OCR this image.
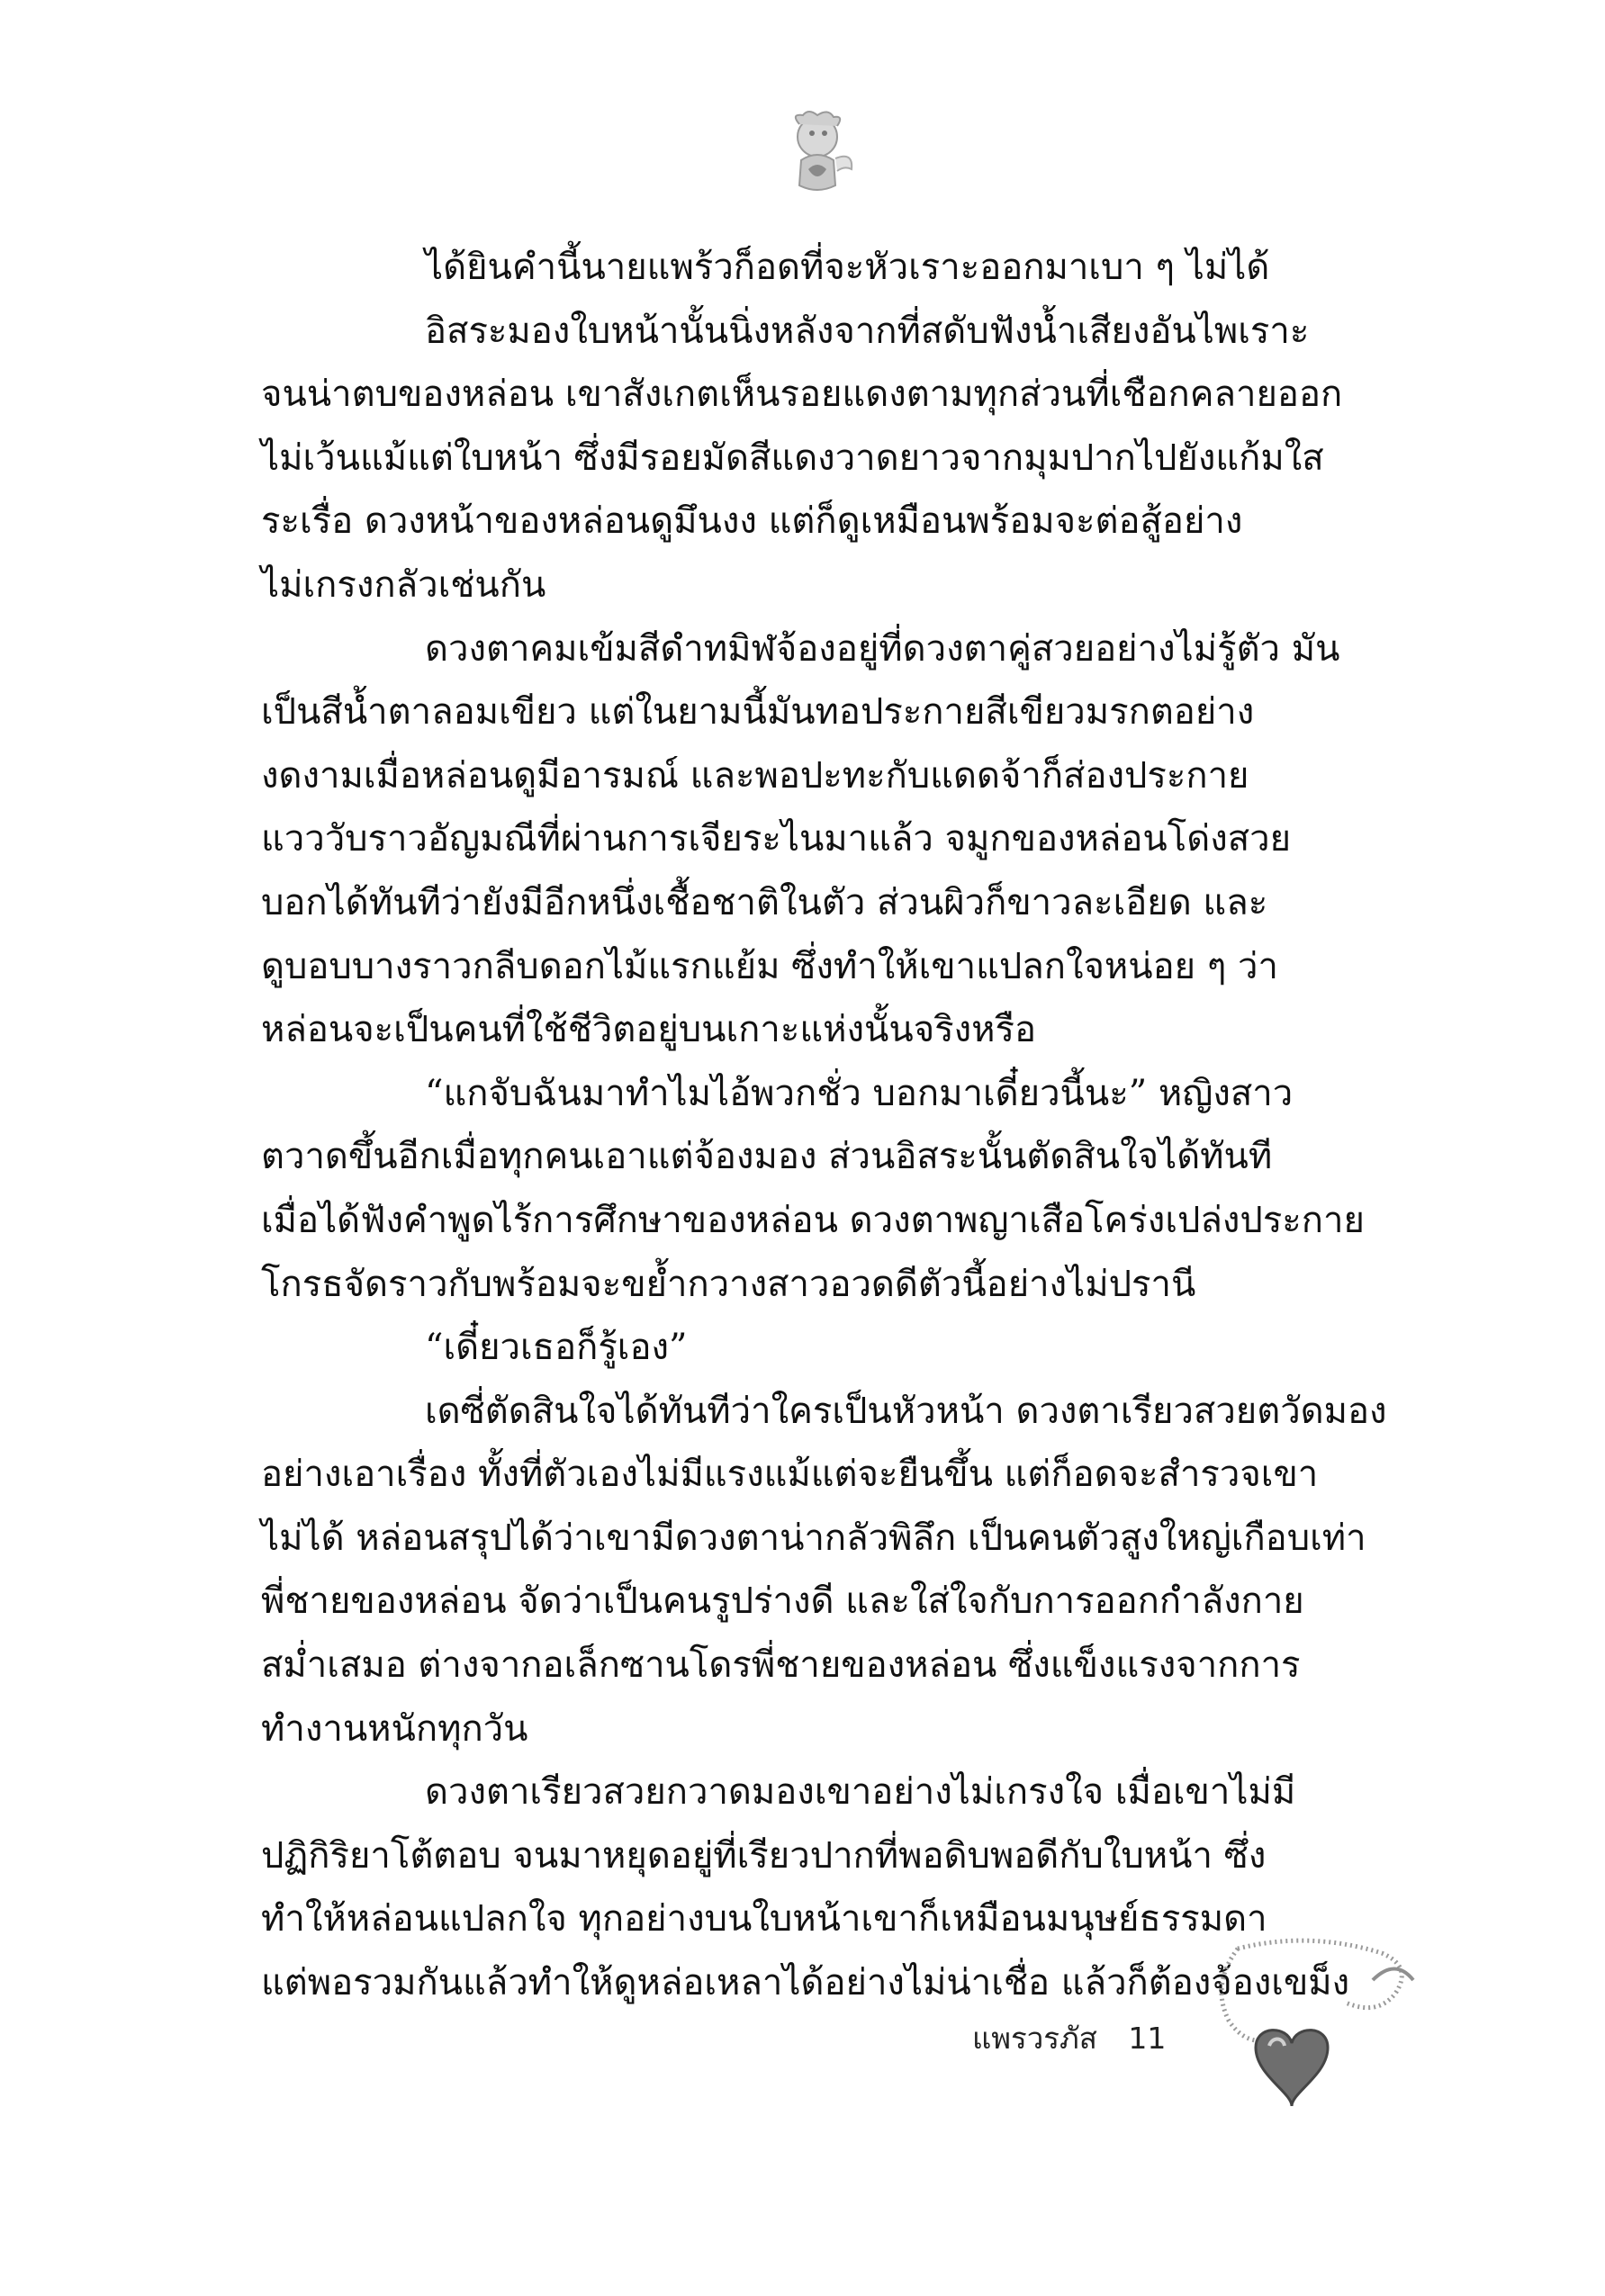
ได้ยินคำนี้นายแพร้วก็อดที่จะหัวเราะออกมาเบา ๆ ไม่ได้
อิสระมองใบหน้านั้นนิ่งหลังจากที่สดับฟังน้ำเสียงอันไพเราะ
จนน่าตบของหล่อน เขาสังเกตเห็นรอยแดงตามทุกส่วนที่เชือกคลายออก
ไม่เว้นแม้แต่ใบหน้า ซึ่งมีรอยมัดสีแดงวาดยาวจากมุมปากไปยังแก้มใส
ระเรื่อ ดวงหน้าของหล่อนดูมึนงง แต่ก็ดูเหมือนพร้อมจะต่อสู้อย่าง
ไม่เกรงกลัวเช่นกัน
ดวงตาคมเข้มสีดำทมิฬจ้องอยู่ที่ดวงตาคู่สวยอย่างไม่รู้ตัว มัน
เป็นสีน้ำตาลอมเขียว แต่ในยามนี้มันทอประกายสีเขียวมรกตอย่าง
งดงามเมื่อหล่อนดูมีอารมณ์ และพอปะทะกับแดดจ้าก็ส่องประกาย
แวววับราวอัญมณีที่ผ่านการเจียระไนมาแล้ว จมูกของหล่อนโด่งสวย
บอกได้ทันทีว่ายังมีอีกหนึ่งเชื้อชาติในตัว ส่วนผิวก็ขาวละเอียด และ
ดูบอบบางราวกลีบดอกไม้แรกแย้ม ซึ่งทำให้เขาแปลกใจหน่อย ๆ ว่า
หล่อนจะเป็นคนที่ใช้ชีวิตอยู่บนเกาะแห่งนั้นจริงหรือ
“แกจับฉันมาทำไมไอ้พวกชั่ว บอกมาเดี๋ยวนี้นะ” หญิงสาว
ตวาดขึ้นอีกเมื่อทุกคนเอาแต่จ้องมอง ส่วนอิสระนั้นตัดสินใจได้ทันที
เมื่อได้ฟังคำพูดไร้การศึกษาของหล่อน ดวงตาพญาเสือโคร่งเปล่งประกาย
โกรธจัดราวกับพร้อมจะขย้ำกวางสาวอวดดีตัวนี้อย่างไม่ปรานี
“เดี๋ยวเธอก็รู้เอง”
เดซี่ตัดสินใจได้ทันทีว่าใครเป็นหัวหน้า ดวงตาเรียวสวยตวัดมอง
อย่างเอาเรื่อง ทั้งที่ตัวเองไม่มีแรงแม้แต่จะยืนขึ้น แต่ก็อดจะสำรวจเขา
ไม่ได้ หล่อนสรุปได้ว่าเขามีดวงตาน่ากลัวพิลึก เป็นคนตัวสูงใหญ่เกือบเท่า
พี่ชายของหล่อน จัดว่าเป็นคนรูปร่างดี และใส่ใจกับการออกกำลังกาย
สม่ำเสมอ ต่างจากอเล็กซานโดรพี่ชายของหล่อน ซึ่งแข็งแรงจากการ
ทำงานหนักทุกวัน
ดวงตาเรียวสวยกวาดมองเขาอย่างไม่เกรงใจ เมื่อเขาไม่มี
ปฏิกิริยาโต้ตอบ จนมาหยุดอยู่ที่เรียวปากที่พอดิบพอดีกับใบหน้า ซึ่ง
ทำให้หล่อนแปลกใจ ทุกอย่างบนใบหน้าเขาก็เหมือนมนุษย์ธรรมดา
แต่พอรวมกันแล้วทำให้ดูหล่อเหลาได้อย่างไม่น่าเชื่อ แล้วก็ต้องจ้องเขม็ง
แพรวรภัส 11
